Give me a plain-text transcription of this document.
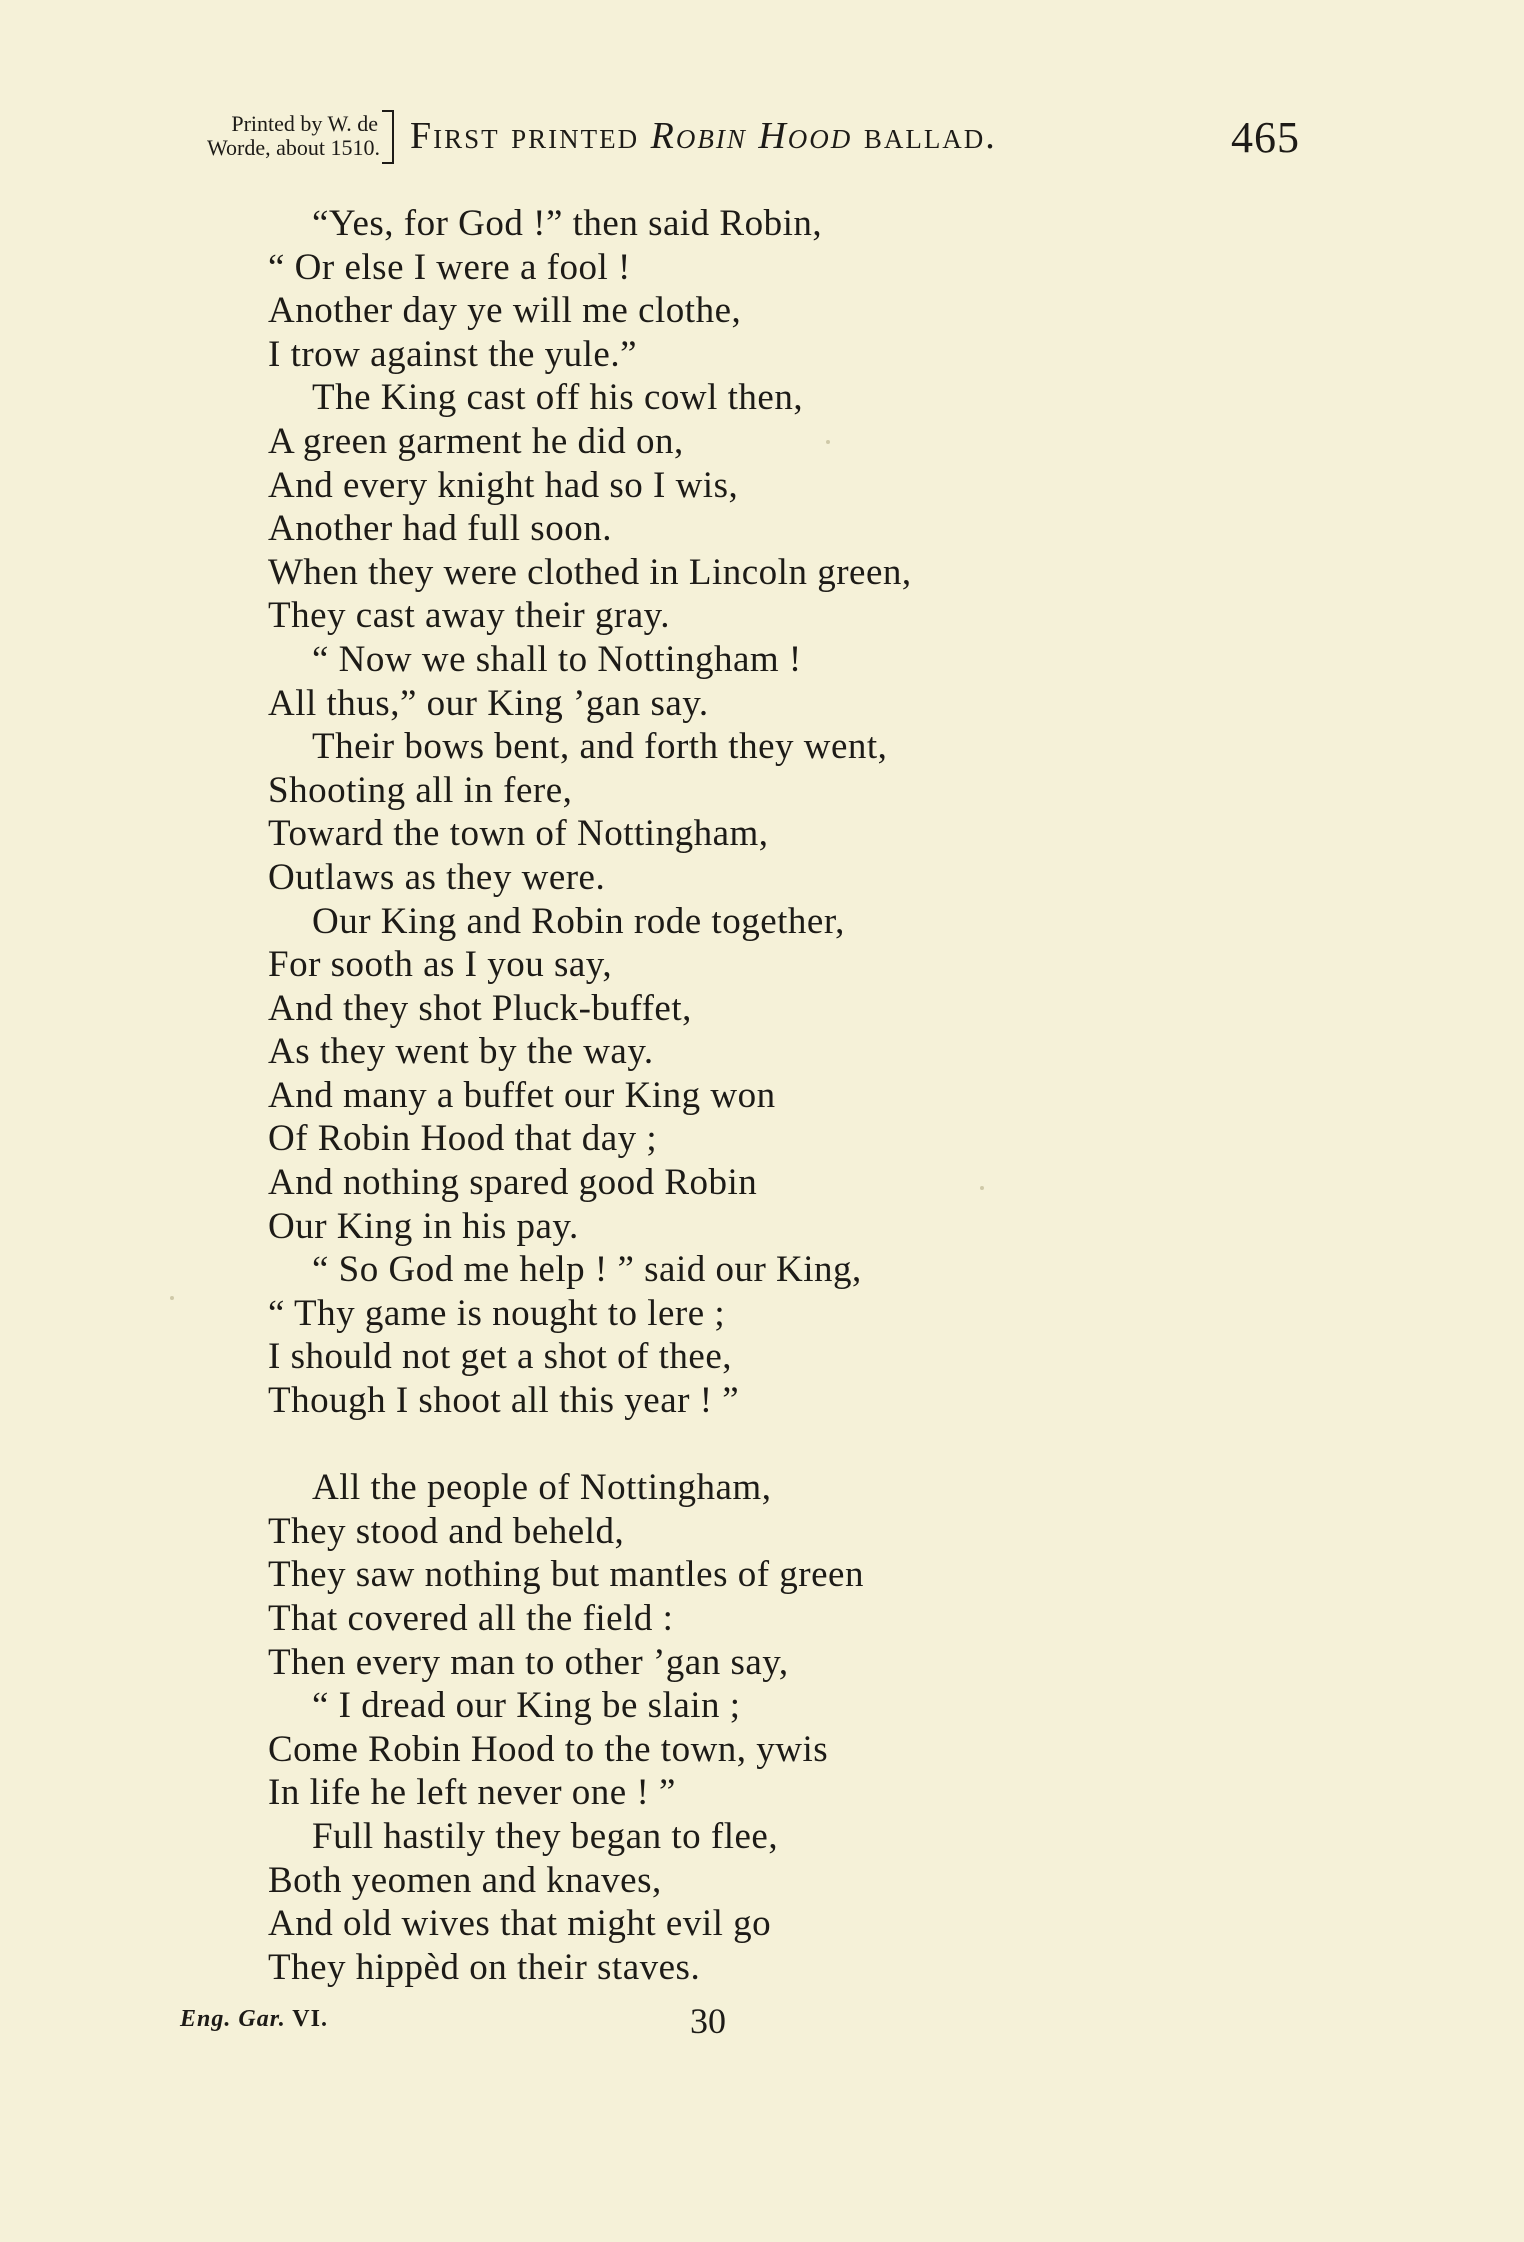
Printed by W. de
Worde, about 1510. First printed Robin Hood ballad.	465
“Yes, for God !” then said Robin,
“ Or else I were a fool !
Another day ye will me clothe,
I trow against the yule.”
The King cast off his cowl then,
A green garment he did on,
And every knight had so I wis,
Another had full soon.
When they were clothed in Lincoln green,
They cast away their gray.
“ Now we shall to Nottingham !
All thus,” our King ’gan say.
Their bows bent, and forth they went,
Shooting all in fere,
Toward the town of Nottingham,
Outlaws as they were.
Our King and Robin rode together,
For sooth as I you say,
And they shot Pluck-buffet,
As they went by the way.
And many a buffet our King won
Of Robin Hood that day ;
And nothing spared good Robin
Our King in his pay.
“ So God me help ! ” said our King,
“ Thy game is nought to lere ;
I should not get a shot of thee,
Though I shoot all this year ! ”
All the people of Nottingham,
They stood and beheld,
They saw nothing but mantles of green
That covered all the field :
Then every man to other ’gan say,
“ I dread our King be slain ;
Come Robin Hood to the town, ywis
In life he left never one ! ”
Full hastily they began to flee,
Both yeomen and knaves,
And old wives that might evil go
They hippèd on their staves.
Eng. Gar. VI.	30
